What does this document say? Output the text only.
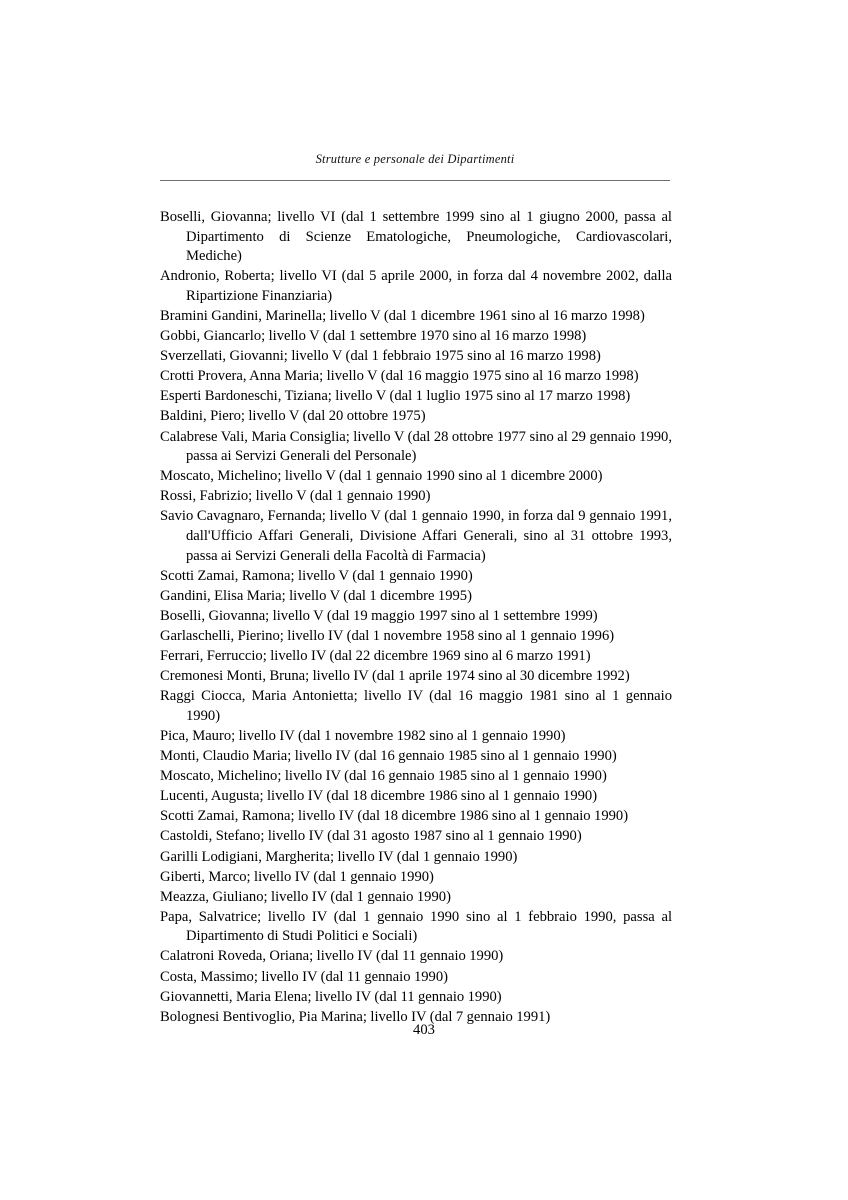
Strutture e personale dei Dipartimenti

Boselli, Giovanna; livello VI (dal 1 settembre 1999 sino al 1 giugno 2000, passa al Dipartimento di Scienze Ematologiche, Pneumologiche, Cardiovascolari, Mediche)

Andronio, Roberta; livello VI (dal 5 aprile 2000, in forza dal 4 novembre 2002, dalla Ripartizione Finanziaria)

Bramini Gandini, Marinella; livello V (dal 1 dicembre 1961 sino al 16 marzo 1998)

Gobbi, Giancarlo; livello V (dal 1 settembre 1970 sino al 16 marzo 1998)

Sverzellati, Giovanni; livello V (dal 1 febbraio 1975 sino al 16 marzo 1998)

Crotti Provera, Anna Maria; livello V (dal 16 maggio 1975 sino al 16 marzo 1998)

Esperti Bardoneschi, Tiziana; livello V (dal 1 luglio 1975 sino al 17 marzo 1998)

Baldini, Piero; livello V (dal 20 ottobre 1975)

Calabrese Vali, Maria Consiglia; livello V (dal 28 ottobre 1977 sino al 29 gennaio 1990, passa ai Servizi Generali del Personale)

Moscato, Michelino; livello V (dal 1 gennaio 1990 sino al 1 dicembre 2000)

Rossi, Fabrizio; livello V (dal 1 gennaio 1990)

Savio Cavagnaro, Fernanda; livello V (dal 1 gennaio 1990, in forza dal 9 gennaio 1991, dall'Ufficio Affari Generali, Divisione Affari Generali, sino al 31 ottobre 1993, passa ai Servizi Generali della Facoltà di Farmacia)

Scotti Zamai, Ramona; livello V (dal 1 gennaio 1990)

Gandini, Elisa Maria; livello V (dal 1 dicembre 1995)

Boselli, Giovanna; livello V (dal 19 maggio 1997 sino al 1 settembre 1999)

Garlaschelli, Pierino; livello IV (dal 1 novembre 1958 sino al 1 gennaio 1996)

Ferrari, Ferruccio; livello IV (dal 22 dicembre 1969 sino al 6 marzo 1991)

Cremonesi Monti, Bruna; livello IV (dal 1 aprile 1974 sino al 30 dicembre 1992)

Raggi Ciocca, Maria Antonietta; livello IV (dal 16 maggio 1981 sino al 1 gennaio 1990)

Pica, Mauro; livello IV (dal 1 novembre 1982 sino al 1 gennaio 1990)

Monti, Claudio Maria; livello IV (dal 16 gennaio 1985 sino al 1 gennaio 1990)

Moscato, Michelino; livello IV (dal 16 gennaio 1985 sino al 1 gennaio 1990)

Lucenti, Augusta; livello IV (dal 18 dicembre 1986 sino al 1 gennaio 1990)

Scotti Zamai, Ramona; livello IV (dal 18 dicembre 1986 sino al 1 gennaio 1990)

Castoldi, Stefano; livello IV (dal 31 agosto 1987 sino al 1 gennaio 1990)

Garilli Lodigiani, Margherita; livello IV (dal 1 gennaio 1990)

Giberti, Marco; livello IV (dal 1 gennaio 1990)

Meazza, Giuliano; livello IV (dal 1 gennaio 1990)

Papa, Salvatrice; livello IV (dal 1 gennaio 1990 sino al 1 febbraio 1990, passa al Dipartimento di Studi Politici e Sociali)

Calatroni Roveda, Oriana; livello IV (dal 11 gennaio 1990)

Costa, Massimo; livello IV (dal 11 gennaio 1990)

Giovannetti, Maria Elena; livello IV (dal 11 gennaio 1990)

Bolognesi Bentivoglio, Pia Marina; livello IV (dal 7 gennaio 1991)

403
